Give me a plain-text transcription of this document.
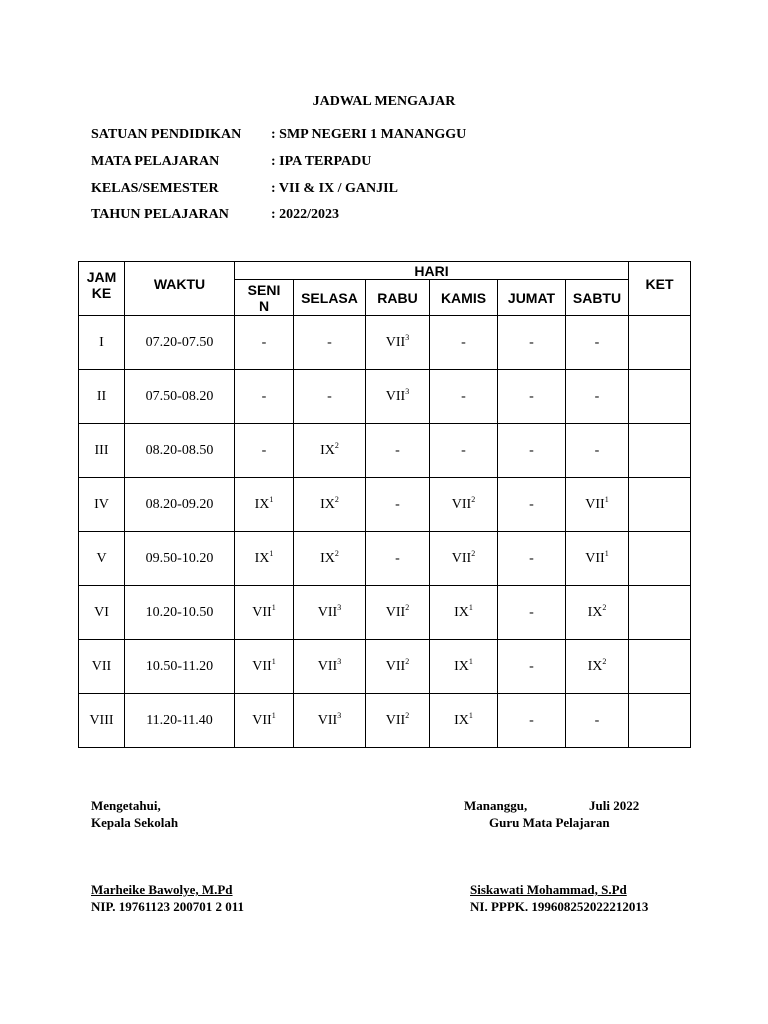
JADWAL MENGAJAR
SATUAN PENDIDIKAN : SMP NEGERI 1 MANANGGU
MATA PELAJARAN	: IPA TERPADU
KELAS/SEMESTER	: VII & IX / GANJIL
TAHUN PELAJARAN	: 2022/2023
JAM KE	WAKTU	HARI						KET
		SENI N	SELASA	RABU	KAMIS	JUMAT	SABTU	
I	07.20-07.50	-	-	VII$^3$	-	-	-	
II	07.50-08.20	-	-	VII$^3$	-	-	-	
III	08.20-08.50	-	$IX^2$	-	-	-	-	
IV	08.20-09.20	$IX^1$	$IX^2$	-	VII$^2$	-	VII$^1$	
V	09.50-10.20	$IX^1$	$IX^2$	-	VII$^2$	-	VII$^1$	
VI	10.20-10.50	VII$^1$	VII$^3$	VII$^2$	$IX^1$	-	$IX^2$	
VII	10.50-11.20	VII$^1$	VII$^3$	VII$^2$	$IX^1$	-	$IX^2$	
VIII	11.20-11.40	VII$^1$	VII$^3$	VII$^2$	$IX^1$	-	-	
Mengetahui,
Kepala Sekolah
Marheike Bawolye, M.Pd
NIP. 19761123 200701 2 011
Mananggu,	Juli 2022
Guru Mata Pelajaran
Siskawati Mohammad, S.Pd
NI. PPPK. 199608252022212013
